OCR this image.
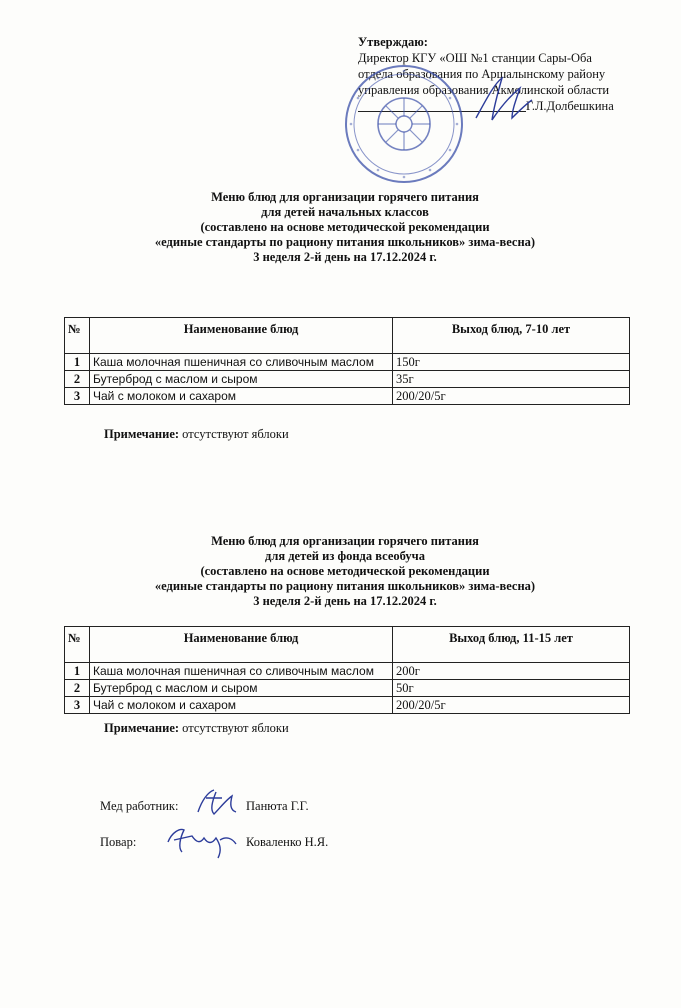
Утверждаю:
Директор КГУ «ОШ №1 станции Сары-Оба
отдела образования по Аршалынскому району
управления образования Акмолинской области
Г.Л.Долбешкина
Меню блюд для организации горячего питания
для детей начальных классов
(составлено на основе методической рекомендации
«единые стандарты по рациону питания школьников» зима-весна)
3 неделя 2-й день на 17.12.2024 г.
№	Наименование блюд	Выход блюд, 7-10 лет
1	Каша молочная пшеничная со сливочным маслом	150г
2	Бутерброд с маслом и сыром	35г
3	Чай с молоком и сахаром	200/20/5г
Примечание: отсутствуют яблоки
Меню блюд для организации горячего питания
для детей из фонда всеобуча
(составлено на основе методической рекомендации
«единые стандарты по рациону питания школьников» зима-весна)
3 неделя 2-й день на 17.12.2024 г.
№	Наименование блюд	Выход блюд, 11-15 лет
1	Каша молочная пшеничная со сливочным маслом	200г
2	Бутерброд с маслом и сыром	50г
3	Чай с молоком и сахаром	200/20/5г
Примечание: отсутствуют яблоки
Мед работник:	Панюта Г.Г.
Повар:	Коваленко Н.Я.
